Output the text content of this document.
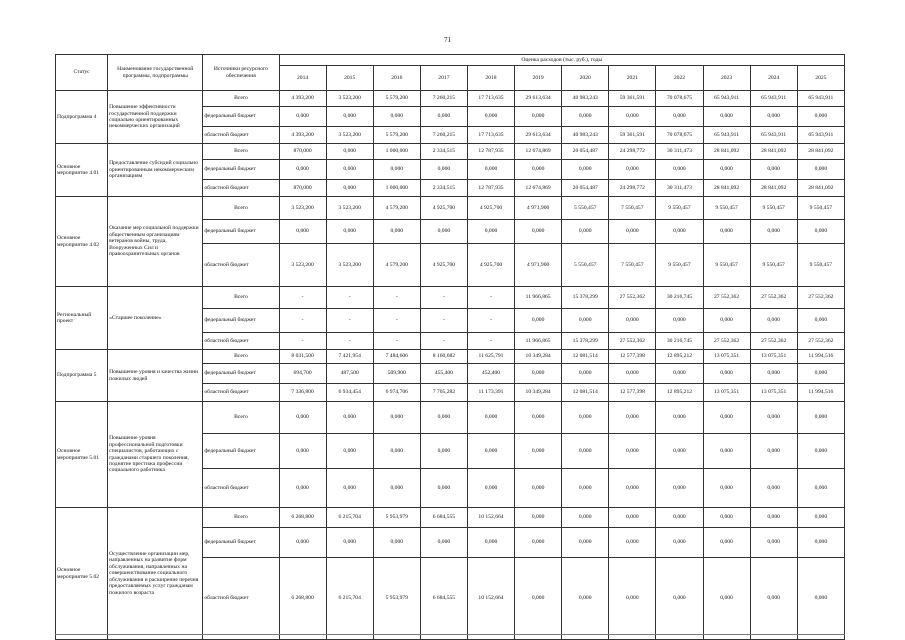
71
Статус	Наименование государственной программы, подпрограммы	Источники ресурсного обеспечения	Оценка расходов (тыс. руб.), годы											
			2014	2015	2016	2017	2018	2019	2020	2021	2022	2023	2024	2025
Подпрограмма 4	Повышение эффективности государственной поддержки социально ориентированных некоммерческих организаций	Всего	4 393,200	3 523,200	5 579,200	7 260,215	17 713,635	29 613,634	40 983,243	59 361,591	70 078,675	65 943,911	65 943,911	65 943,911
		федеральный бюджет	0,000	0,000	0,000	0,000	0,000	0,000	0,000	0,000	0,000	0,000	0,000	0,000
		областной бюджет	4 393,200	3 523,200	5 579,200	7 260,215	17 713,635	29 613,634	40 983,243	59 361,591	70 078,675	65 943,911	65 943,911	65 943,911
Основное мероприятие 4.01	Предоставление субсидий социально ориентированным некоммерческим организациям	Всего	870,000	0,000	1 000,000	2 334,515	12 787,935	12 674,869	20 054,487	24 298,772	30 311,473	28 841,092	28 841,092	28 841,092
		федеральный бюджет	0,000	0,000	0,000	0,000	0,000	0,000	0,000	0,000	0,000	0,000	0,000	0,000
		областной бюджет	870,000	0,000	1 000,000	2 334,515	12 787,935	12 674,869	20 054,487	24 298,772	30 311,473	28 841,092	28 841,092	28 841,092
Основное мероприятие 4.02	Оказание мер социальной поддержки общественным организациям ветеранов войны, труда, Вооруженных Сил и правоохранительных органов	Всего	3 523,200	3 523,200	4 579,200	4 925,700	4 925,700	4 971,900	5 550,457	7 550,457	9 550,457	9 550,457	9 550,457	9 550,457
		федеральный бюджет	0,000	0,000	0,000	0,000	0,000	0,000	0,000	0,000	0,000	0,000	0,000	0,000
		областной бюджет	3 523,200	3 523,200	4 579,200	4 925,700	4 925,700	4 971,900	5 550,457	7 550,457	9 550,457	9 550,457	9 550,457	9 550,457
Региональный проект	«Старшее поколение»	Всего	-	-	-	-	-	11 966,865	15 378,299	27 552,362	30 216,745	27 552,362	27 552,362	27 552,362
		федеральный бюджет	-	-	-	-	-	0,000	0,000	0,000	0,000	0,000	0,000	0,000
		областной бюджет	-	-	-	-	-	11 966,865	15 378,299	27 552,362	30 216,745	27 552,362	27 552,362	27 552,362
Подпрограмма 5	Повышение уровня и качества жизни пожилых людей	Всего	8 031,500	7 421,954	7 484,606	8 160,682	11 625,791	10 349,284	12 081,514	12 577,398	12 895,212	13 075,351	13 075,351	11 994,516
		федеральный бюджет	694,700	487,500	509,900	455,400	452,400	0,000	0,000	0,000	0,000	0,000	0,000	0,000
		областной бюджет	7 336,800	6 934,454	6 974,706	7 705,282	11 173,391	10 349,284	12 081,514	12 577,398	12 895,212	13 075,351	13 075,351	11 994,516
Основное мероприятие 5.01	Повышение уровня профессиональной подготовки специалистов, работающих с гражданами старшего поколения, поднятие престижа профессии социального работника	Всего	0,000	0,000	0,000	0,000	0,000	0,000	0,000	0,000	0,000	0,000	0,000	0,000
		федеральный бюджет	0,000	0,000	0,000	0,000	0,000	0,000	0,000	0,000	0,000	0,000	0,000	0,000
		областной бюджет	0,000	0,000	0,000	0,000	0,000	0,000	0,000	0,000	0,000	0,000	0,000	0,000
Основное мероприятие 5.02	Осуществление организации мер, направленных на развитие форм обслуживания, направленных на совершенствование социального обслуживания и расширение перечня предоставляемых услуг гражданам пожилого возраста	Всего	6 268,800	6 215,704	5 953,979	6 684,555	10 152,664	0,000	0,000	0,000	0,000	0,000	0,000	0,000
		федеральный бюджет	0,000	0,000	0,000	0,000	0,000	0,000	0,000	0,000	0,000	0,000	0,000	0,000
		областной бюджет	6 268,800	6 215,704	5 953,979	6 684,555	10 152,664	0,000	0,000	0,000	0,000	0,000	0,000	0,000
